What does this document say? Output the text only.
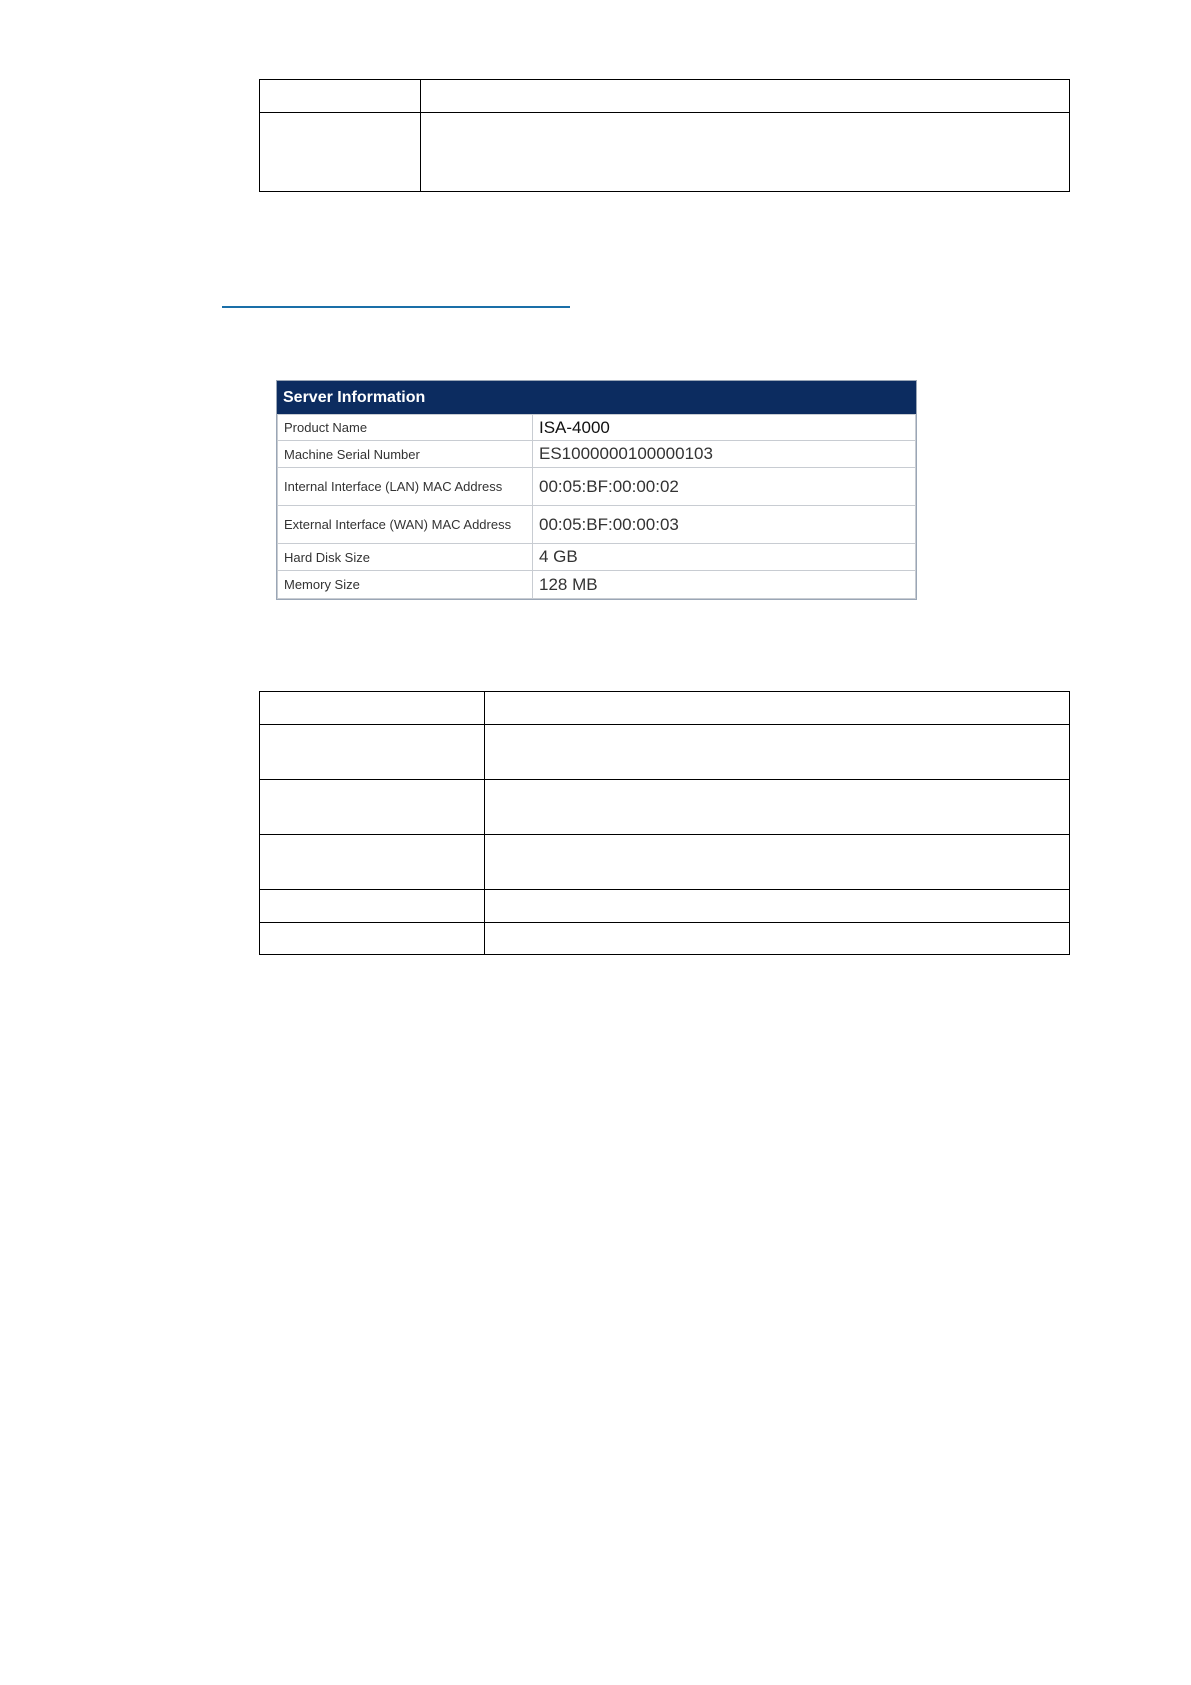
Server Information
Product Name	ISA-4000
Machine Serial Number	ES1000000100000103
Internal Interface (LAN) MAC Address	00:05:BF:00:00:02
External Interface (WAN) MAC Address	00:05:BF:00:00:03
Hard Disk Size	4 GB
Memory Size	128 MB
